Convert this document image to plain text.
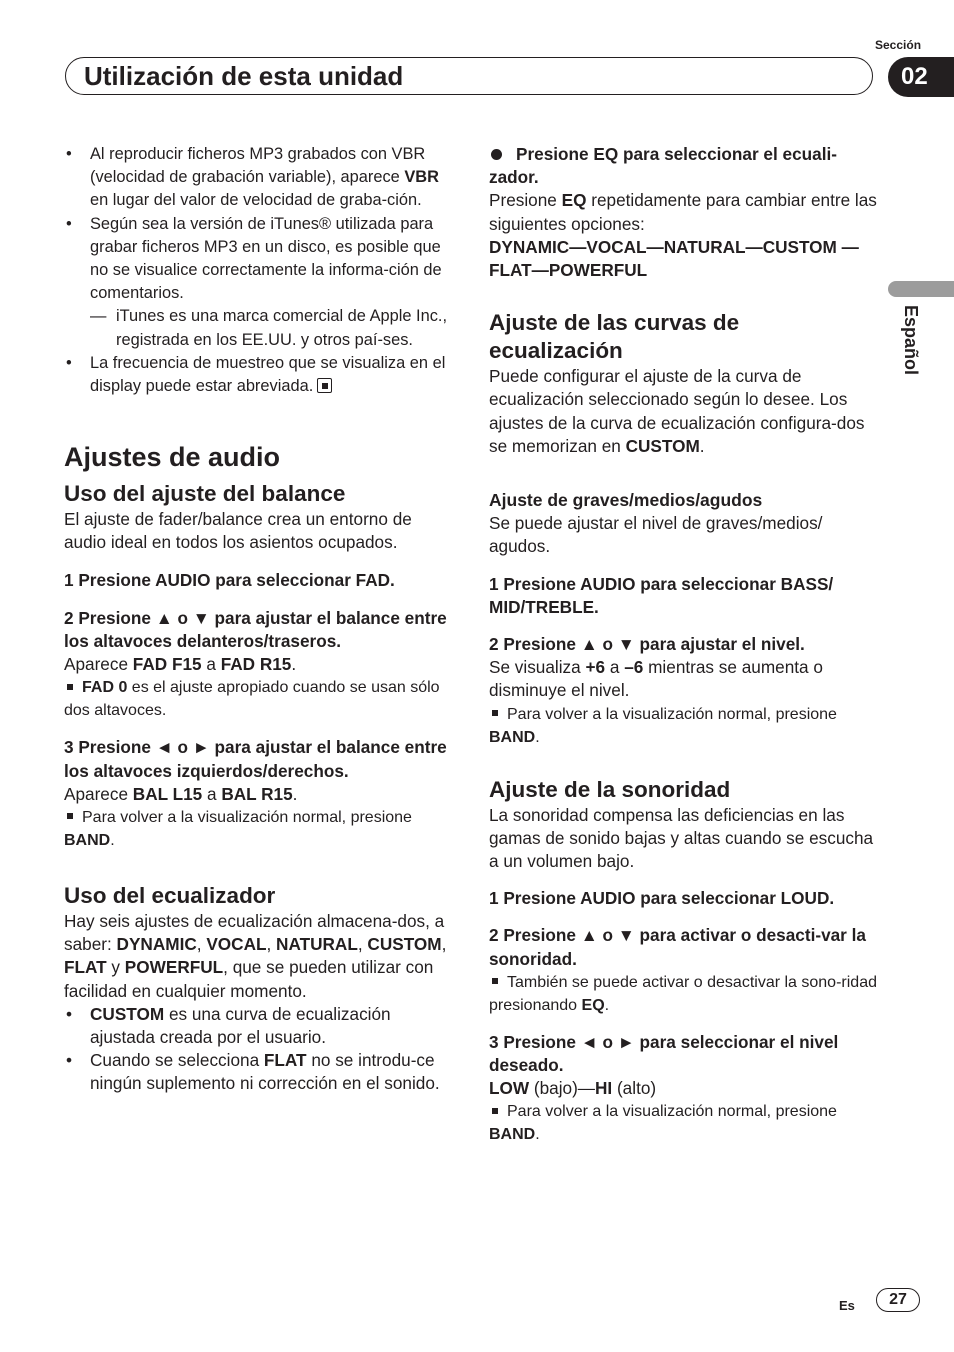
Sección
Utilización de esta unidad	02
Español
• Al reproducir ficheros MP3 grabados con VBR (velocidad de grabación variable), aparece VBR en lugar del valor de velocidad de graba-ción.
• Según sea la versión de iTunes® utilizada para grabar ficheros MP3 en un disco, es posible que no se visualice correctamente la informa-ción de comentarios.
— iTunes es una marca comercial de Apple Inc., registrada en los EE.UU. y otros paí-ses.
• La frecuencia de muestreo que se visualiza en el display puede estar abreviada.
Ajustes de audio
Uso del ajuste del balance

El ajuste de fader/balance crea un entorno de audio ideal en todos los asientos ocupados.

1 Presione AUDIO para seleccionar FAD.

2 Presione ▲ o ▼ para ajustar el balance entre los altavoces delanteros/traseros.

Aparece FAD F15 a FAD R15.

FAD 0 es el ajuste apropiado cuando se usan sólo dos altavoces.

3 Presione ◄ o ► para ajustar el balance entre los altavoces izquierdos/derechos.

Aparece BAL L15 a BAL R15.

Para volver a la visualización normal, presione BAND.

Uso del ecualizador

Hay seis ajustes de ecualización almacena-dos, a saber: DYNAMIC, VOCAL, NATURAL, CUSTOM, FLAT y POWERFUL, que se pueden utilizar con facilidad en cualquier momento.

• CUSTOM es una curva de ecualización ajustada creada por el usuario.
• Cuando se selecciona FLAT no se introdu-ce ningún suplemento ni corrección en el sonido.

Presione EQ para seleccionar el ecuali-zador.

Presione EQ repetidamente para cambiar entre las siguientes opciones:

DYNAMIC—VOCAL—NATURAL—CUSTOM —FLAT—POWERFUL

Ajuste de las curvas de ecualización

Puede configurar el ajuste de la curva de ecualización seleccionado según lo desee. Los ajustes de la curva de ecualización configura-dos se memorizan en CUSTOM.

Ajuste de graves/medios/agudos

Se puede ajustar el nivel de graves/medios/ agudos.

1 Presione AUDIO para seleccionar BASS/ MID/TREBLE.

2 Presione ▲ o ▼ para ajustar el nivel.

Se visualiza +6 a –6 mientras se aumenta o disminuye el nivel.

Para volver a la visualización normal, presione BAND.

Ajuste de la sonoridad

La sonoridad compensa las deficiencias en las gamas de sonido bajas y altas cuando se escucha a un volumen bajo.

1 Presione AUDIO para seleccionar LOUD.

2 Presione ▲ o ▼ para activar o desacti-var la sonoridad.

También se puede activar o desactivar la sono-ridad presionando EQ.

3 Presione ◄ o ► para seleccionar el nivel deseado.

LOW (bajo)—HI (alto)

Para volver a la visualización normal, presione BAND.

Es	27
